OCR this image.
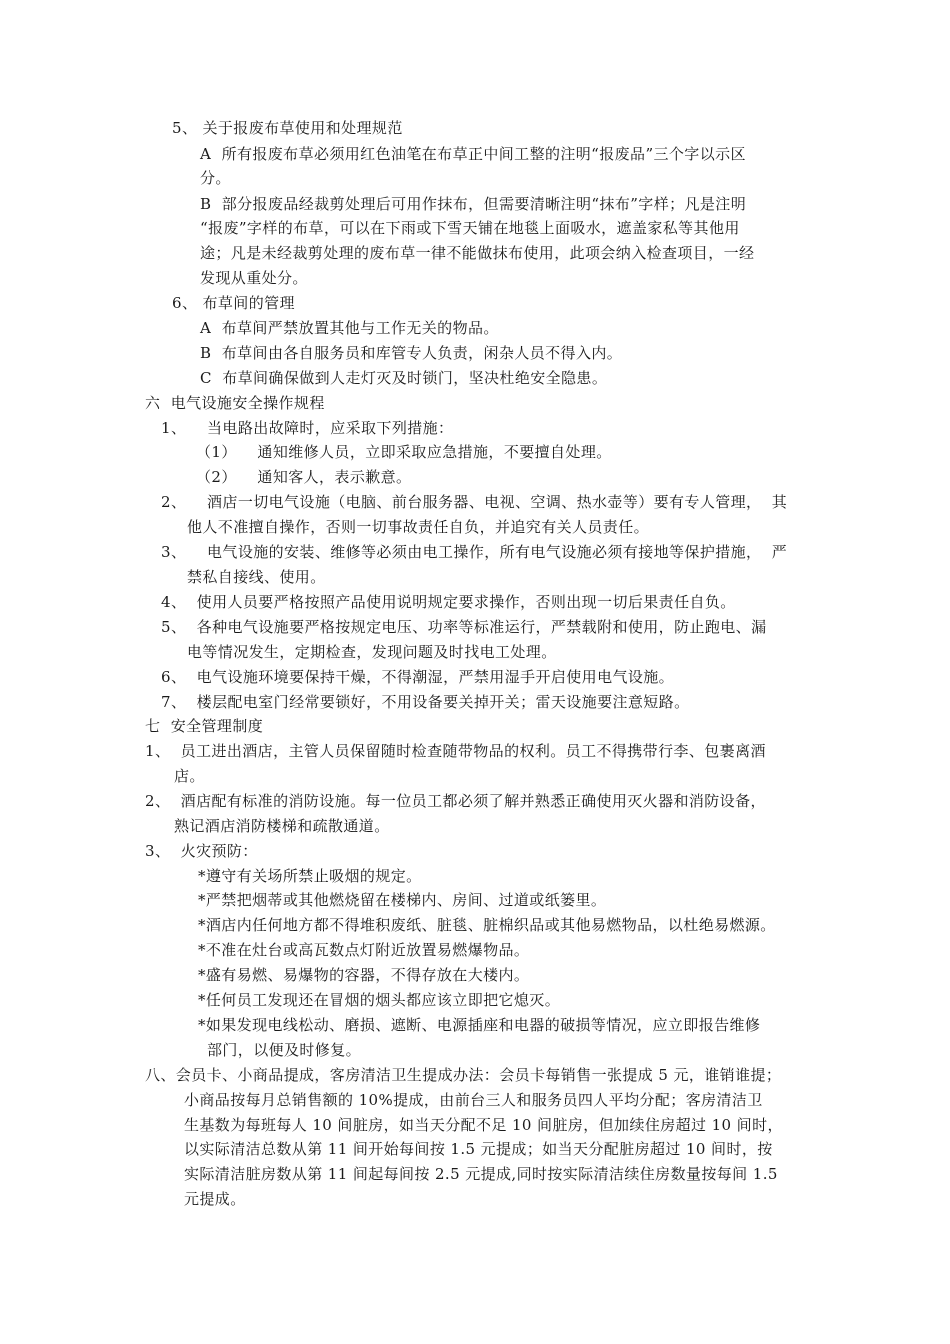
5、 关于报废布草使用和处理规范
A  所有报废布草必须用红色油笔在布草正中间工整的注明“报废品”三个字以示区
分。
B  部分报废品经裁剪处理后可用作抹布，但需要清晰注明“抹布”字样；凡是注明
“报废”字样的布草，可以在下雨或下雪天铺在地毯上面吸水，遮盖家私等其他用
途；凡是未经裁剪处理的废布草一律不能做抹布使用，此项会纳入检查项目，一经
发现从重处分。
6、 布草间的管理
A  布草间严禁放置其他与工作无关的物品。
B  布草间由各自服务员和库管专人负责，闲杂人员不得入内。
C  布草间确保做到人走灯灭及时锁门，坚决杜绝安全隐患。
六  电气设施安全操作规程
1、    当电路出故障时，应采取下列措施：
（1）    通知维修人员，立即采取应急措施，不要擅自处理。
（2）    通知客人，表示歉意。
2、    酒店一切电气设施（电脑、前台服务器、电视、空调、热水壶等）要有专人管理，  其
他人不准擅自操作，否则一切事故责任自负，并追究有关人员责任。
3、    电气设施的安装、维修等必须由电工操作，所有电气设施必须有接地等保护措施，  严
禁私自接线、使用。
4、  使用人员要严格按照产品使用说明规定要求操作，否则出现一切后果责任自负。
5、  各种电气设施要严格按规定电压、功率等标准运行，严禁载附和使用，防止跑电、漏
电等情况发生，定期检查，发现问题及时找电工处理。
6、  电气设施环境要保持干燥，不得潮湿，严禁用湿手开启使用电气设施。
7、  楼层配电室门经常要锁好，不用设备要关掉开关；雷天设施要注意短路。
七  安全管理制度
1、  员工进出酒店，主管人员保留随时检查随带物品的权利。员工不得携带行李、包裹离酒
店。
2、  酒店配有标准的消防设施。每一位员工都必须了解并熟悉正确使用灭火器和消防设备，
熟记酒店消防楼梯和疏散通道。
3、  火灾预防：
*遵守有关场所禁止吸烟的规定。
*严禁把烟蒂或其他燃烧留在楼梯内、房间、过道或纸篓里。
*酒店内任何地方都不得堆积废纸、脏毯、脏棉织品或其他易燃物品，以杜绝易燃源。
*不准在灶台或高瓦数点灯附近放置易燃爆物品。
*盛有易燃、易爆物的容器，不得存放在大楼内。
*任何员工发现还在冒烟的烟头都应该立即把它熄灭。
*如果发现电线松动、磨损、遮断、电源插座和电器的破损等情况，应立即报告维修
部门，以便及时修复。
八、会员卡、小商品提成，客房清洁卫生提成办法：会员卡每销售一张提成 5 元，谁销谁提；
小商品按每月总销售额的 10%提成，由前台三人和服务员四人平均分配；客房清洁卫
生基数为每班每人 10 间脏房，如当天分配不足 10 间脏房，但加续住房超过 10 间时，
以实际清洁总数从第 11 间开始每间按 1.5 元提成；如当天分配脏房超过 10 间时，按
实际清洁脏房数从第 11 间起每间按 2.5 元提成,同时按实际清洁续住房数量按每间 1.5
元提成。
